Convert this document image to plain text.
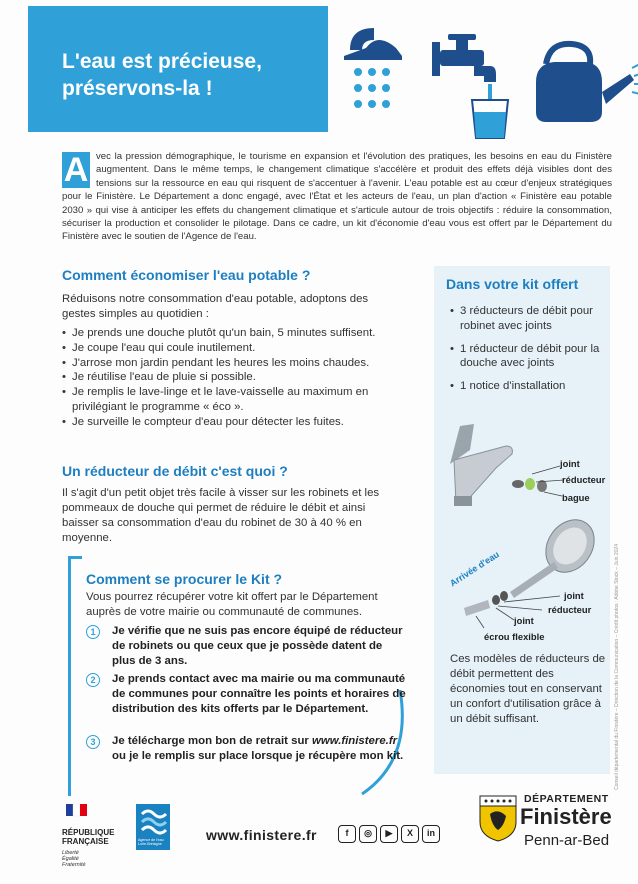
L'eau est précieuse,
préservons-la !
A vec la pression démographique, le tourisme en expansion et l'évolution des pratiques, les besoins en eau du Finistère augmentent. Dans le même temps, le changement climatique s'accélère et produit des effets déjà visibles dont des tensions sur la ressource en eau qui risquent de s'accentuer à l'avenir. L'eau potable est au cœur d'enjeux stratégiques pour le Finistère. Le Département a donc engagé, avec l'État et les acteurs de l'eau, un plan d'action « Finistère eau potable 2030 » qui vise à anticiper les effets du changement climatique et s'articule autour de trois objectifs : réduire la consommation, sécuriser la production et consolider le pilotage. Dans ce cadre, un kit d'économie d'eau vous est offert par le Département du Finistère avec le soutien de l'Agence de l'eau.
Comment économiser l'eau potable ?
Réduisons notre consommation d'eau potable, adoptons des gestes simples au quotidien :
• Je prends une douche plutôt qu'un bain, 5 minutes suffisent.
• Je coupe l'eau qui coule inutilement.
• J'arrose mon jardin pendant les heures les moins chaudes.
• Je réutilise l'eau de pluie si possible.
• Je remplis le lave-linge et le lave-vaisselle au maximum en privilégiant le programme « éco ».
• Je surveille le compteur d'eau pour détecter les fuites.
Un réducteur de débit c'est quoi ?
Il s'agit d'un petit objet très facile à visser sur les robinets et les pommeaux de douche qui permet de réduire le débit et ainsi baisser sa consommation d'eau du robinet de 30 à 40 % en moyenne.
Dans votre kit offert
• 3 réducteurs de débit pour robinet avec joints
• 1 réducteur de débit pour la douche avec joints
• 1 notice d'installation
joint
réducteur
bague
Arrivée d'eau
joint
réducteur
joint
écrou flexible
Ces modèles de réducteurs de débit permettent des économies tout en conservant un confort d'utilisation grâce à un débit suffisant.
Comment se procurer le Kit ?
Vous pourrez récupérer votre kit offert par le Département auprès de votre mairie ou communauté de communes.
1	Je vérifie que ne suis pas encore équipé de réducteur de robinets ou que ceux que je possède datent de plus de 3 ans.
2	Je prends contact avec ma mairie ou ma communauté de communes pour connaître les points et horaires de distribution des kits offerts par le Département.
3	Je télécharge mon bon de retrait sur www.finistere.fr ou je le remplis sur place lorsque je récupère mon kit.
RÉPUBLIQUE
FRANÇAISE
Liberté
Égalité
Fraternité
Agence de l'eau Loire-Bretagne
www.finistere.fr	f	◎	▶	X	in
DÉPARTEMENT
Finistère
Penn-ar-Bed
Conseil départemental du Finistère – Direction de la Communication – Crédit photos : Adobe Stock – Juin 2024
